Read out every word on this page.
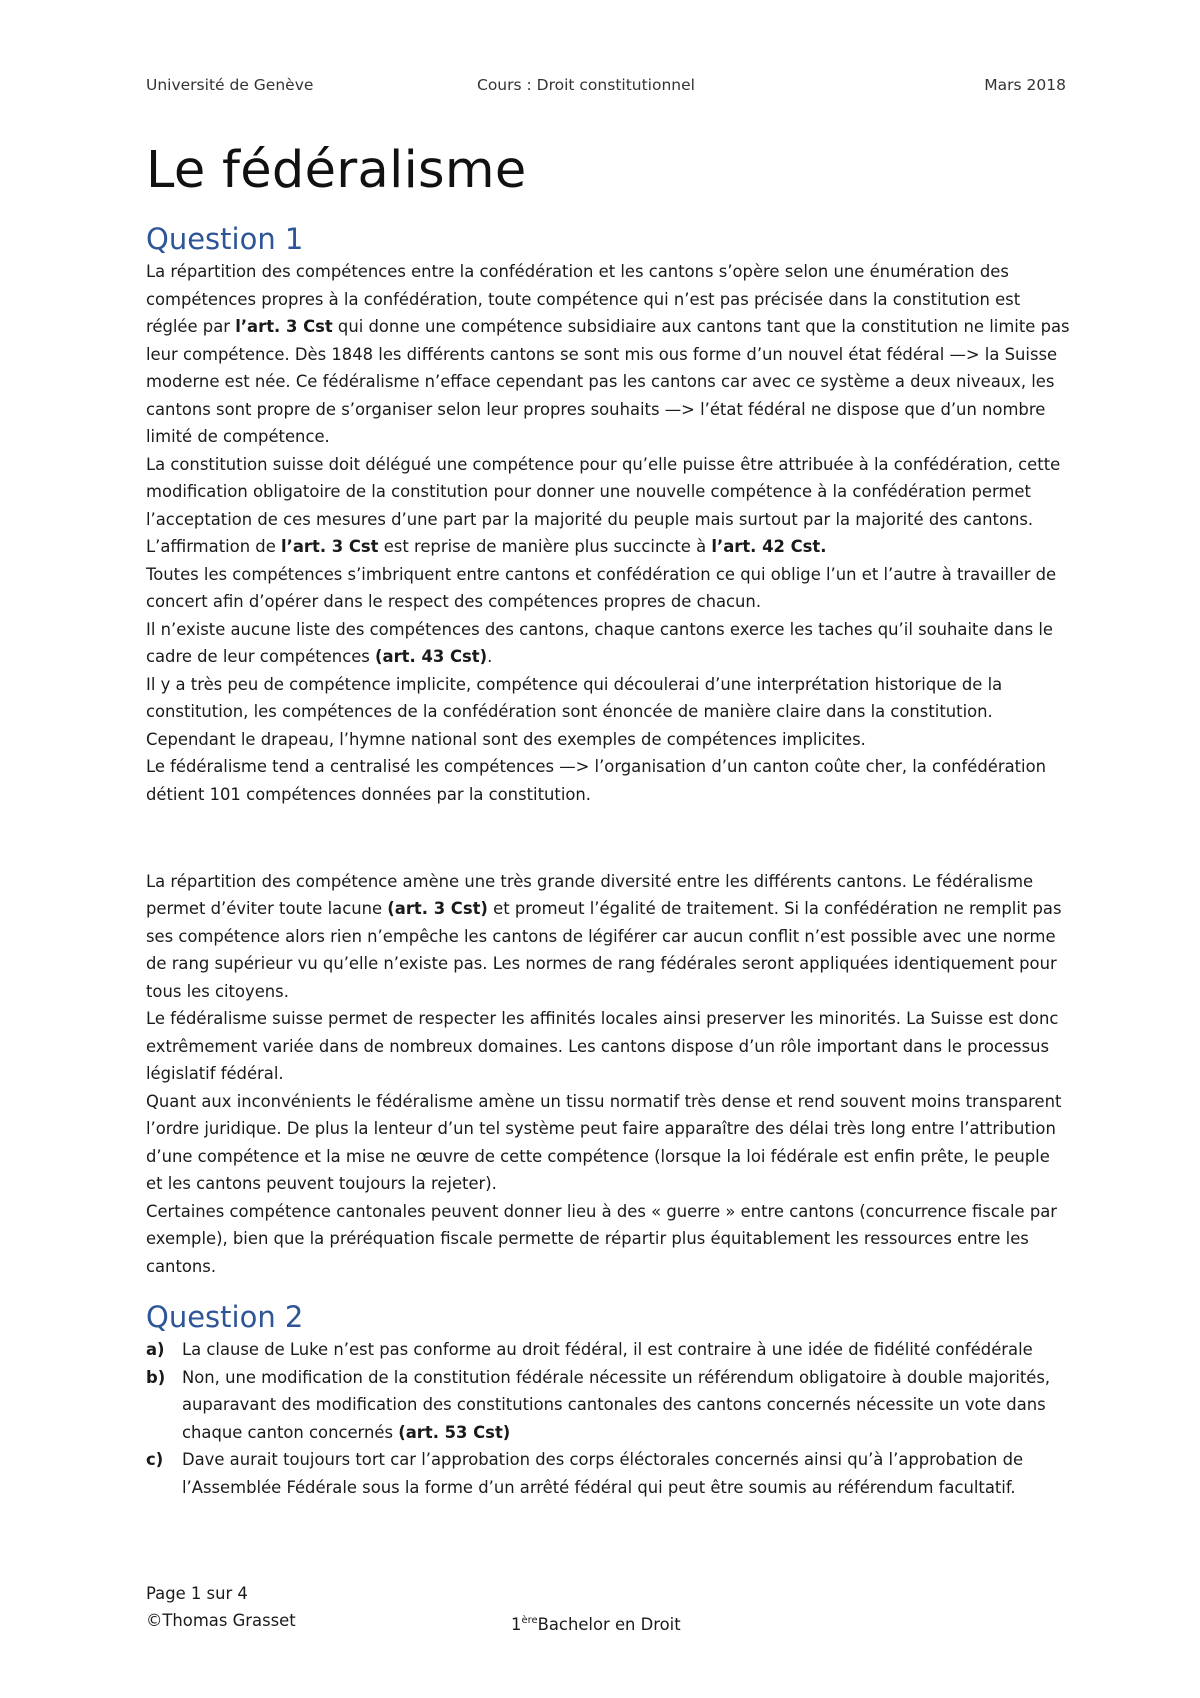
Université de Genève	Cours : Droit constitutionnel	Mars 2018
Le fédéralisme
Question 1

La répartition des compétences entre la confédération et les cantons s’opère selon une énumération des compétences propres à la confédération, toute compétence qui n’est pas précisée dans la constitution est réglée par l’art. 3 Cst qui donne une compétence subsidiaire aux cantons tant que la constitution ne limite pas leur compétence. Dès 1848 les différents cantons se sont mis ous forme d’un nouvel état fédéral —> la Suisse moderne est née. Ce fédéralisme n’efface cependant pas les cantons car avec ce système a deux niveaux, les cantons sont propre de s’organiser selon leur propres souhaits —> l’état fédéral ne dispose que d’un nombre limité de compétence.

La constitution suisse doit délégué une compétence pour qu’elle puisse être attribuée à la confédération, cette modification obligatoire de la constitution pour donner une nouvelle compétence à la confédération permet l’acceptation de ces mesures d’une part par la majorité du peuple mais surtout par la majorité des cantons.

L’affirmation de l’art. 3 Cst est reprise de manière plus succincte à l’art. 42 Cst.

Toutes les compétences s’imbriquent entre cantons et confédération ce qui oblige l’un et l’autre à travailler de concert afin d’opérer dans le respect des compétences propres de chacun.

Il n’existe aucune liste des compétences des cantons, chaque cantons exerce les taches qu’il souhaite dans le cadre de leur compétences (art. 43 Cst).

Il y a très peu de compétence implicite, compétence qui découlerai d’une interprétation historique de la constitution, les compétences de la confédération sont énoncée de manière claire dans la constitution. Cependant le drapeau, l’hymne national sont des exemples de compétences implicites.

Le fédéralisme tend a centralisé les compétences —> l’organisation d’un canton coûte cher, la confédération détient 101 compétences données par la constitution.

La répartition des compétence amène une très grande diversité entre les différents cantons. Le fédéralisme permet d’éviter toute lacune (art. 3 Cst) et promeut l’égalité de traitement. Si la confédération ne remplit pas ses compétence alors rien n’empêche les cantons de légiférer car aucun conflit n’est possible avec une norme de rang supérieur vu qu’elle n’existe pas. Les normes de rang fédérales seront appliquées identiquement pour tous les citoyens.

Le fédéralisme suisse permet de respecter les affinités locales ainsi preserver les minorités. La Suisse est donc extrêmement variée dans de nombreux domaines. Les cantons dispose d’un rôle important dans le processus législatif fédéral.

Quant aux inconvénients le fédéralisme amène un tissu normatif très dense et rend souvent moins transparent l’ordre juridique. De plus la lenteur d’un tel système peut faire apparaître des délai très long entre l’attribution d’une compétence et la mise ne œuvre de cette compétence (lorsque la loi fédérale est enfin prête, le peuple et les cantons peuvent toujours la rejeter).

Certaines compétence cantonales peuvent donner lieu à des « guerre » entre cantons (concurrence fiscale par exemple), bien que la préréquation fiscale permette de répartir plus équitablement les ressources entre les cantons.

Question 2
a) La clause de Luke n’est pas conforme au droit fédéral, il est contraire à une idée de fidélité confédérale
b) Non, une modification de la constitution fédérale nécessite un référendum obligatoire à double majorités, auparavant des modification des constitutions cantonales des cantons concernés nécessite un vote dans chaque canton concernés (art. 53 Cst)
c) Dave aurait toujours tort car l’approbation des corps éléctorales concernés ainsi qu’à l’approbation de l’Assemblée Fédérale sous la forme d’un arrêté fédéral qui peut être soumis au référendum facultatif.
Page 1 sur 4
©Thomas Grasset	1èreBachelor en Droit
